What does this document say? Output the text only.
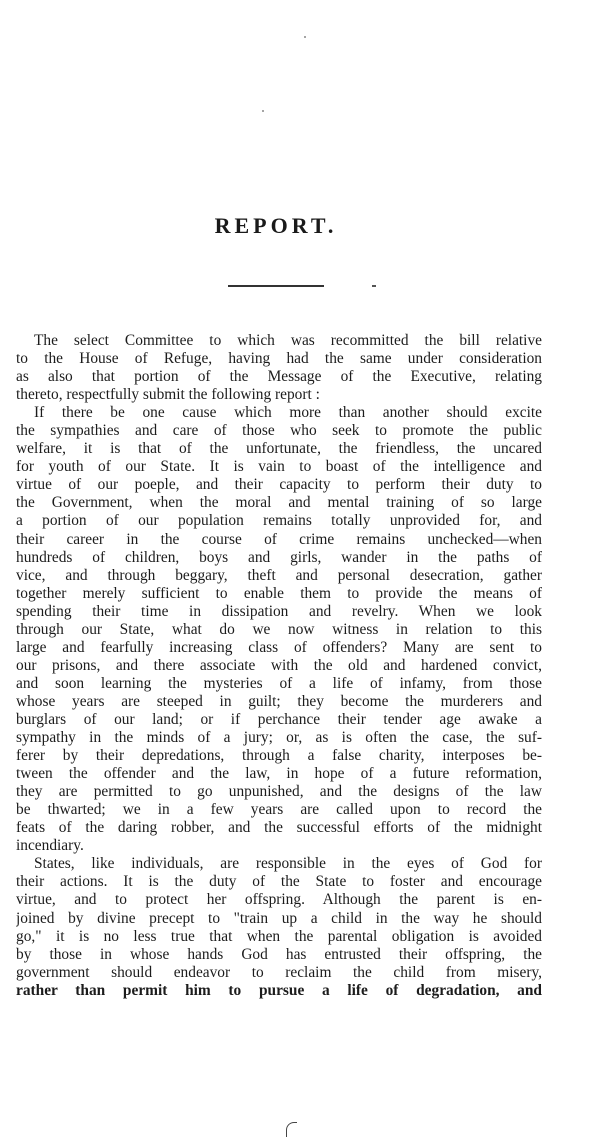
REPORT.
The select Committee to which was recommitted the bill relative
to the House of Refuge, having had the same under consideration
as also that portion of the Message of the Executive, relating
thereto, respectfully submit the following report :
If there be one cause which more than another should excite
the sympathies and care of those who seek to promote the public
welfare, it is that of the unfortunate, the friendless, the uncared
for youth of our State. It is vain to boast of the intelligence and
virtue of our poeple, and their capacity to perform their duty to
the Government, when the moral and mental training of so large
a portion of our population remains totally unprovided for, and
their career in the course of crime remains unchecked—when
hundreds of children, boys and girls, wander in the paths of
vice, and through beggary, theft and personal desecration, gather
together merely sufficient to enable them to provide the means of
spending their time in dissipation and revelry. When we look
through our State, what do we now witness in relation to this
large and fearfully increasing class of offenders? Many are sent to
our prisons, and there associate with the old and hardened convict,
and soon learning the mysteries of a life of infamy, from those
whose years are steeped in guilt; they become the murderers and
burglars of our land; or if perchance their tender age awake a
sympathy in the minds of a jury; or, as is often the case, the suf-
ferer by their depredations, through a false charity, interposes be-
tween the offender and the law, in hope of a future reformation,
they are permitted to go unpunished, and the designs of the law
be thwarted; we in a few years are called upon to record the
feats of the daring robber, and the successful efforts of the midnight
incendiary.
States, like individuals, are responsible in the eyes of God for
their actions. It is the duty of the State to foster and encourage
virtue, and to protect her offspring. Although the parent is en-
joined by divine precept to "train up a child in the way he should
go," it is no less true that when the parental obligation is avoided
by those in whose hands God has entrusted their offspring, the
government should endeavor to reclaim the child from misery,
rather than permit him to pursue a life of degradation, and
